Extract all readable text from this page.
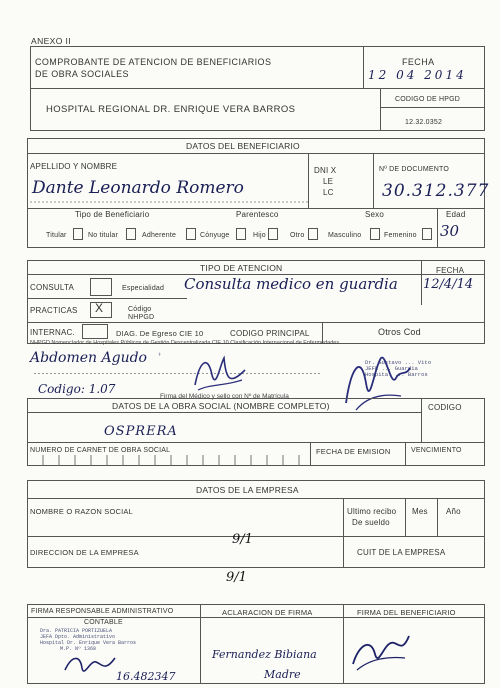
ANEXO II
COMPROBANTE DE ATENCION DE BENEFICIARIOS
DE OBRA SOCIALES
FECHA
12 04 2014
HOSPITAL REGIONAL DR. ENRIQUE VERA BARROS
CODIGO DE HPGD
12.32.0352
DATOS DEL BENEFICIARIO
APELLIDO Y NOMBRE	DNI X
LE
LC
Nº DE DOCUMENTO
Dante Leonardo Romero	30.312.377
Tipo de Beneficiario	Parentesco	Sexo	Edad
30
Titular	No titular	Adherente	Cónyuge	Hijo	Otro	Masculino	Femenino
TIPO DE ATENCION	FECHA
CONSULTA	Especialidad Consulta medico en guardia 12/4/14
PRACTICAS X	Código
NHPGD
INTERNAC.	DIAG. De Egreso CIE 10	CODIGO PRINCIPAL	Otros Cod
NHPGD Nomenclador de Hospitales Públicos de Gestión Descentralizada CIE 10 Clasificación Internacional de Enfermedades
Abdomen Agudo
Codigo: 1.07
⚕
Dr. Gustavo ... Vito
JEFE ... Guardia
Hospital ... Barros
Firma del Médico y sello con Nº de Matrícula
DATOS DE LA OBRA SOCIAL (NOMBRE COMPLETO)	CODIGO
OSPRERA
NUMERO DE CARNET DE OBRA SOCIAL	FECHA DE EMISION	VENCIMIENTO
DATOS DE LA EMPRESA
NOMBRE O RAZON SOCIAL	Ultimo recibo
De sueldo
Mes Año
9/1
DIRECCION DE LA EMPRESA	CUIT DE LA EMPRESA
9/1
FIRMA RESPONSABLE ADMINISTRATIVO
CONTABLE
ACLARACION DE FIRMA	FIRMA DEL BENEFICIARIO
Dra. PATRICIA PORTIZUELA
JEFA Dpto. Administrativo
Hospital Dr. Enrique Vera Barros
M.P. Nº 1360
16.482347
Fernandez Bibiana
Madre
